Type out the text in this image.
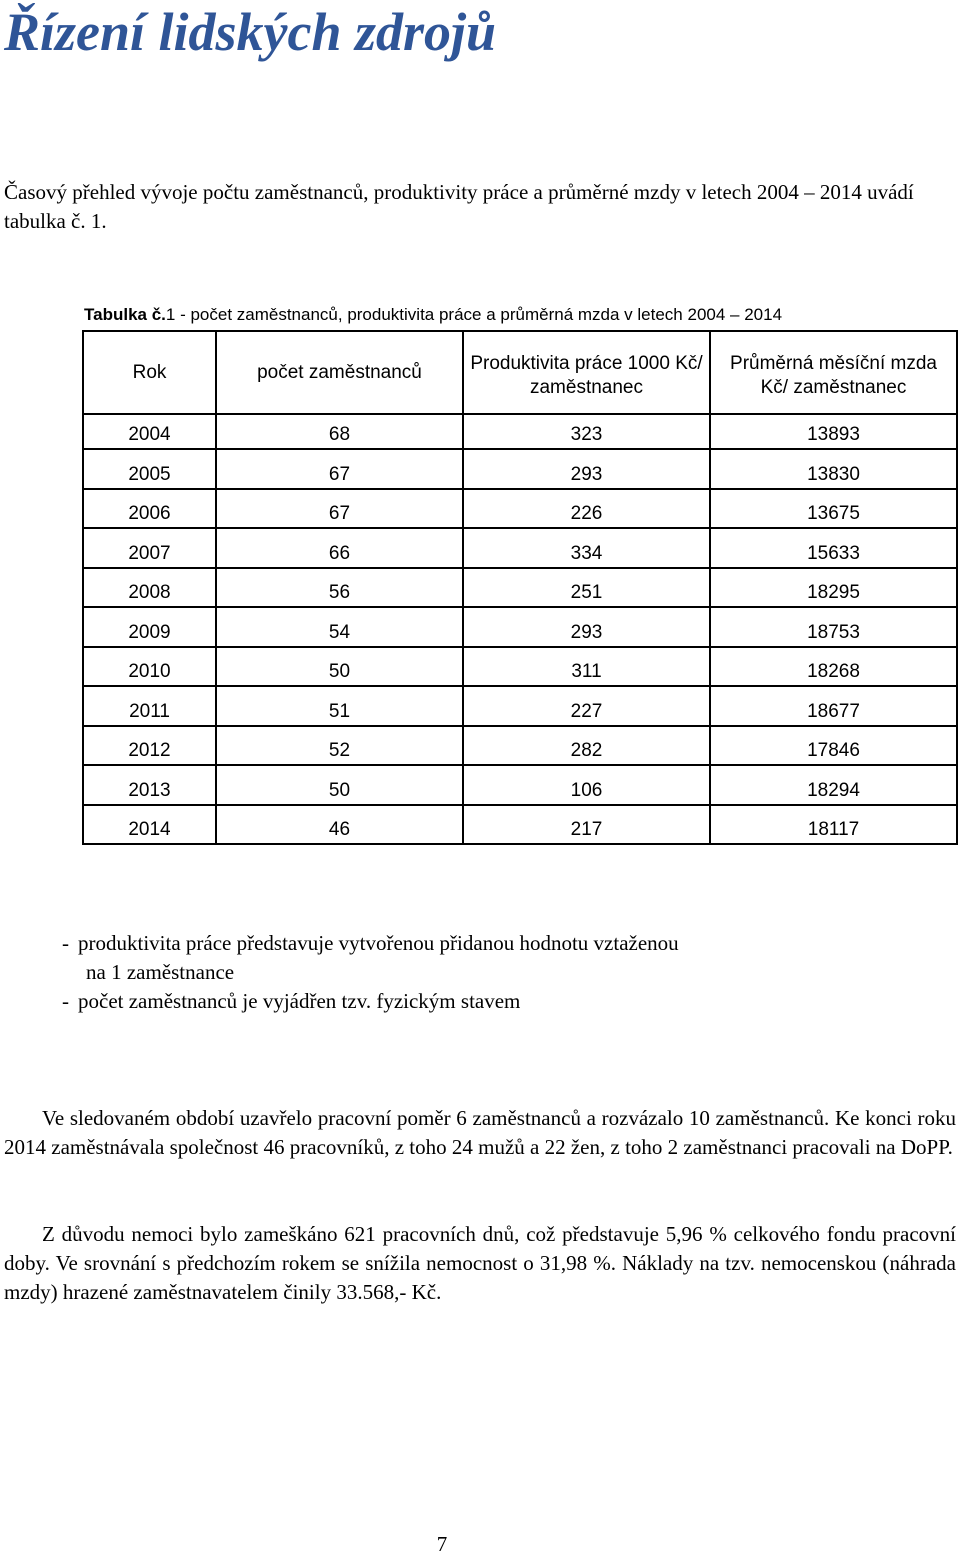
Řízení lidských zdrojů
Časový přehled vývoje počtu zaměstnanců, produktivity práce a průměrné mzdy v letech 2004 – 2014 uvádí tabulka č. 1.
Tabulka č.1 - počet zaměstnanců, produktivita práce a průměrná mzda v letech 2004 – 2014
Rok	počet zaměstnanců	Produktivita práce 1000 Kč/ zaměstnanec	Průměrná měsíční mzda Kč/ zaměstnanec
2004	68	323	13893
2005	67	293	13830
2006	67	226	13675
2007	66	334	15633
2008	56	251	18295
2009	54	293	18753
2010	50	311	18268
2011	51	227	18677
2012	52	282	17846
2013	50	106	18294
2014	46	217	18117
- produktivita práce představuje vytvořenou přidanou hodnotu vztaženou
na 1 zaměstnance
- počet zaměstnanců je vyjádřen tzv. fyzickým stavem
Ve sledovaném období uzavřelo pracovní poměr 6 zaměstnanců a rozvázalo 10 zaměstnanců. Ke konci roku 2014 zaměstnávala společnost 46 pracovníků, z toho 24 mužů a 22 žen, z toho 2 zaměstnanci pracovali na DoPP.
Z důvodu nemoci bylo zameškáno 621 pracovních dnů, což představuje 5,96 % celkového fondu pracovní doby. Ve srovnání s předchozím rokem se snížila nemocnost o 31,98 %. Náklady na tzv. nemocenskou (náhrada mzdy) hrazené zaměstnavatelem činily 33.568,- Kč.
7
